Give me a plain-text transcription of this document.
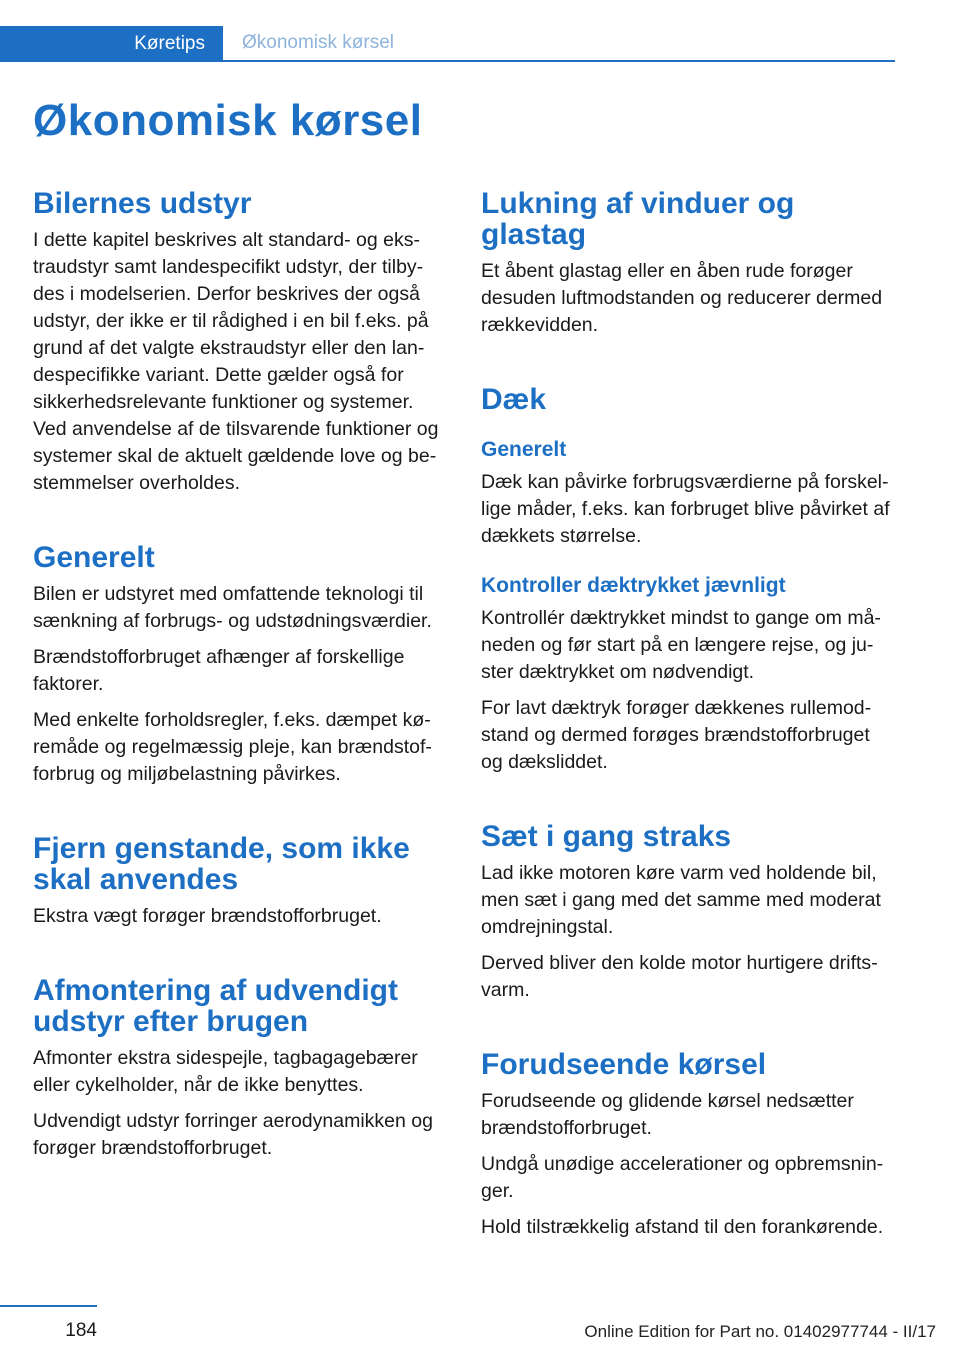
Køretips Økonomisk kørsel
Økonomisk kørsel
Bilernes udstyr

I dette kapitel beskrives alt standard- og ekstraudstyr samt landespecifikt udstyr, der tilbydes i modelserien. Derfor beskrives der også udstyr, der ikke er til rådighed i en bil f.eks. på grund af det valgte ekstraudstyr eller den landespecifikke variant. Dette gælder også for sikkerhedsrelevante funktioner og systemer. Ved anvendelse af de tilsvarende funktioner og systemer skal de aktuelt gældende love og bestemmelser overholdes.

Generelt

Bilen er udstyret med omfattende teknologi til sænkning af forbrugs- og udstødningsværdier.

Brændstofforbruget afhænger af forskellige faktorer.

Med enkelte forholdsregler, f.eks. dæmpet køremåde og regelmæssig pleje, kan brændstofforbrug og miljøbelastning påvirkes.

Fjern genstande, som ikke skal anvendes

Ekstra vægt forøger brændstofforbruget.

Afmontering af udvendigt udstyr efter brugen

Afmonter ekstra sidespejle, tagbagagebærer eller cykelholder, når de ikke benyttes.

Udvendigt udstyr forringer aerodynamikken og forøger brændstofforbruget.

Lukning af vinduer og glastag

Et åbent glastag eller en åben rude forøger desuden luftmodstanden og reducerer dermed rækkevidden.

Dæk
Generelt

Dæk kan påvirke forbrugsværdierne på forskellige måder, f.eks. kan forbruget blive påvirket af dækkets størrelse.

Kontroller dæktrykket jævnligt

Kontrollér dæktrykket mindst to gange om måneden og før start på en længere rejse, og juster dæktrykket om nødvendigt.

For lavt dæktryk forøger dækkenes rullemodstand og dermed forøges brændstofforbruget og dæksliddet.

Sæt i gang straks

Lad ikke motoren køre varm ved holdende bil, men sæt i gang med det samme med moderat omdrejningstal.

Derved bliver den kolde motor hurtigere driftsvarm.

Forudseende kørsel

Forudseende og glidende kørsel nedsætter brændstofforbruget.

Undgå unødige accelerationer og opbremsninger.

Hold tilstrækkelig afstand til den forankørende.

184	Online Edition for Part no. 01402977744 - II/17
